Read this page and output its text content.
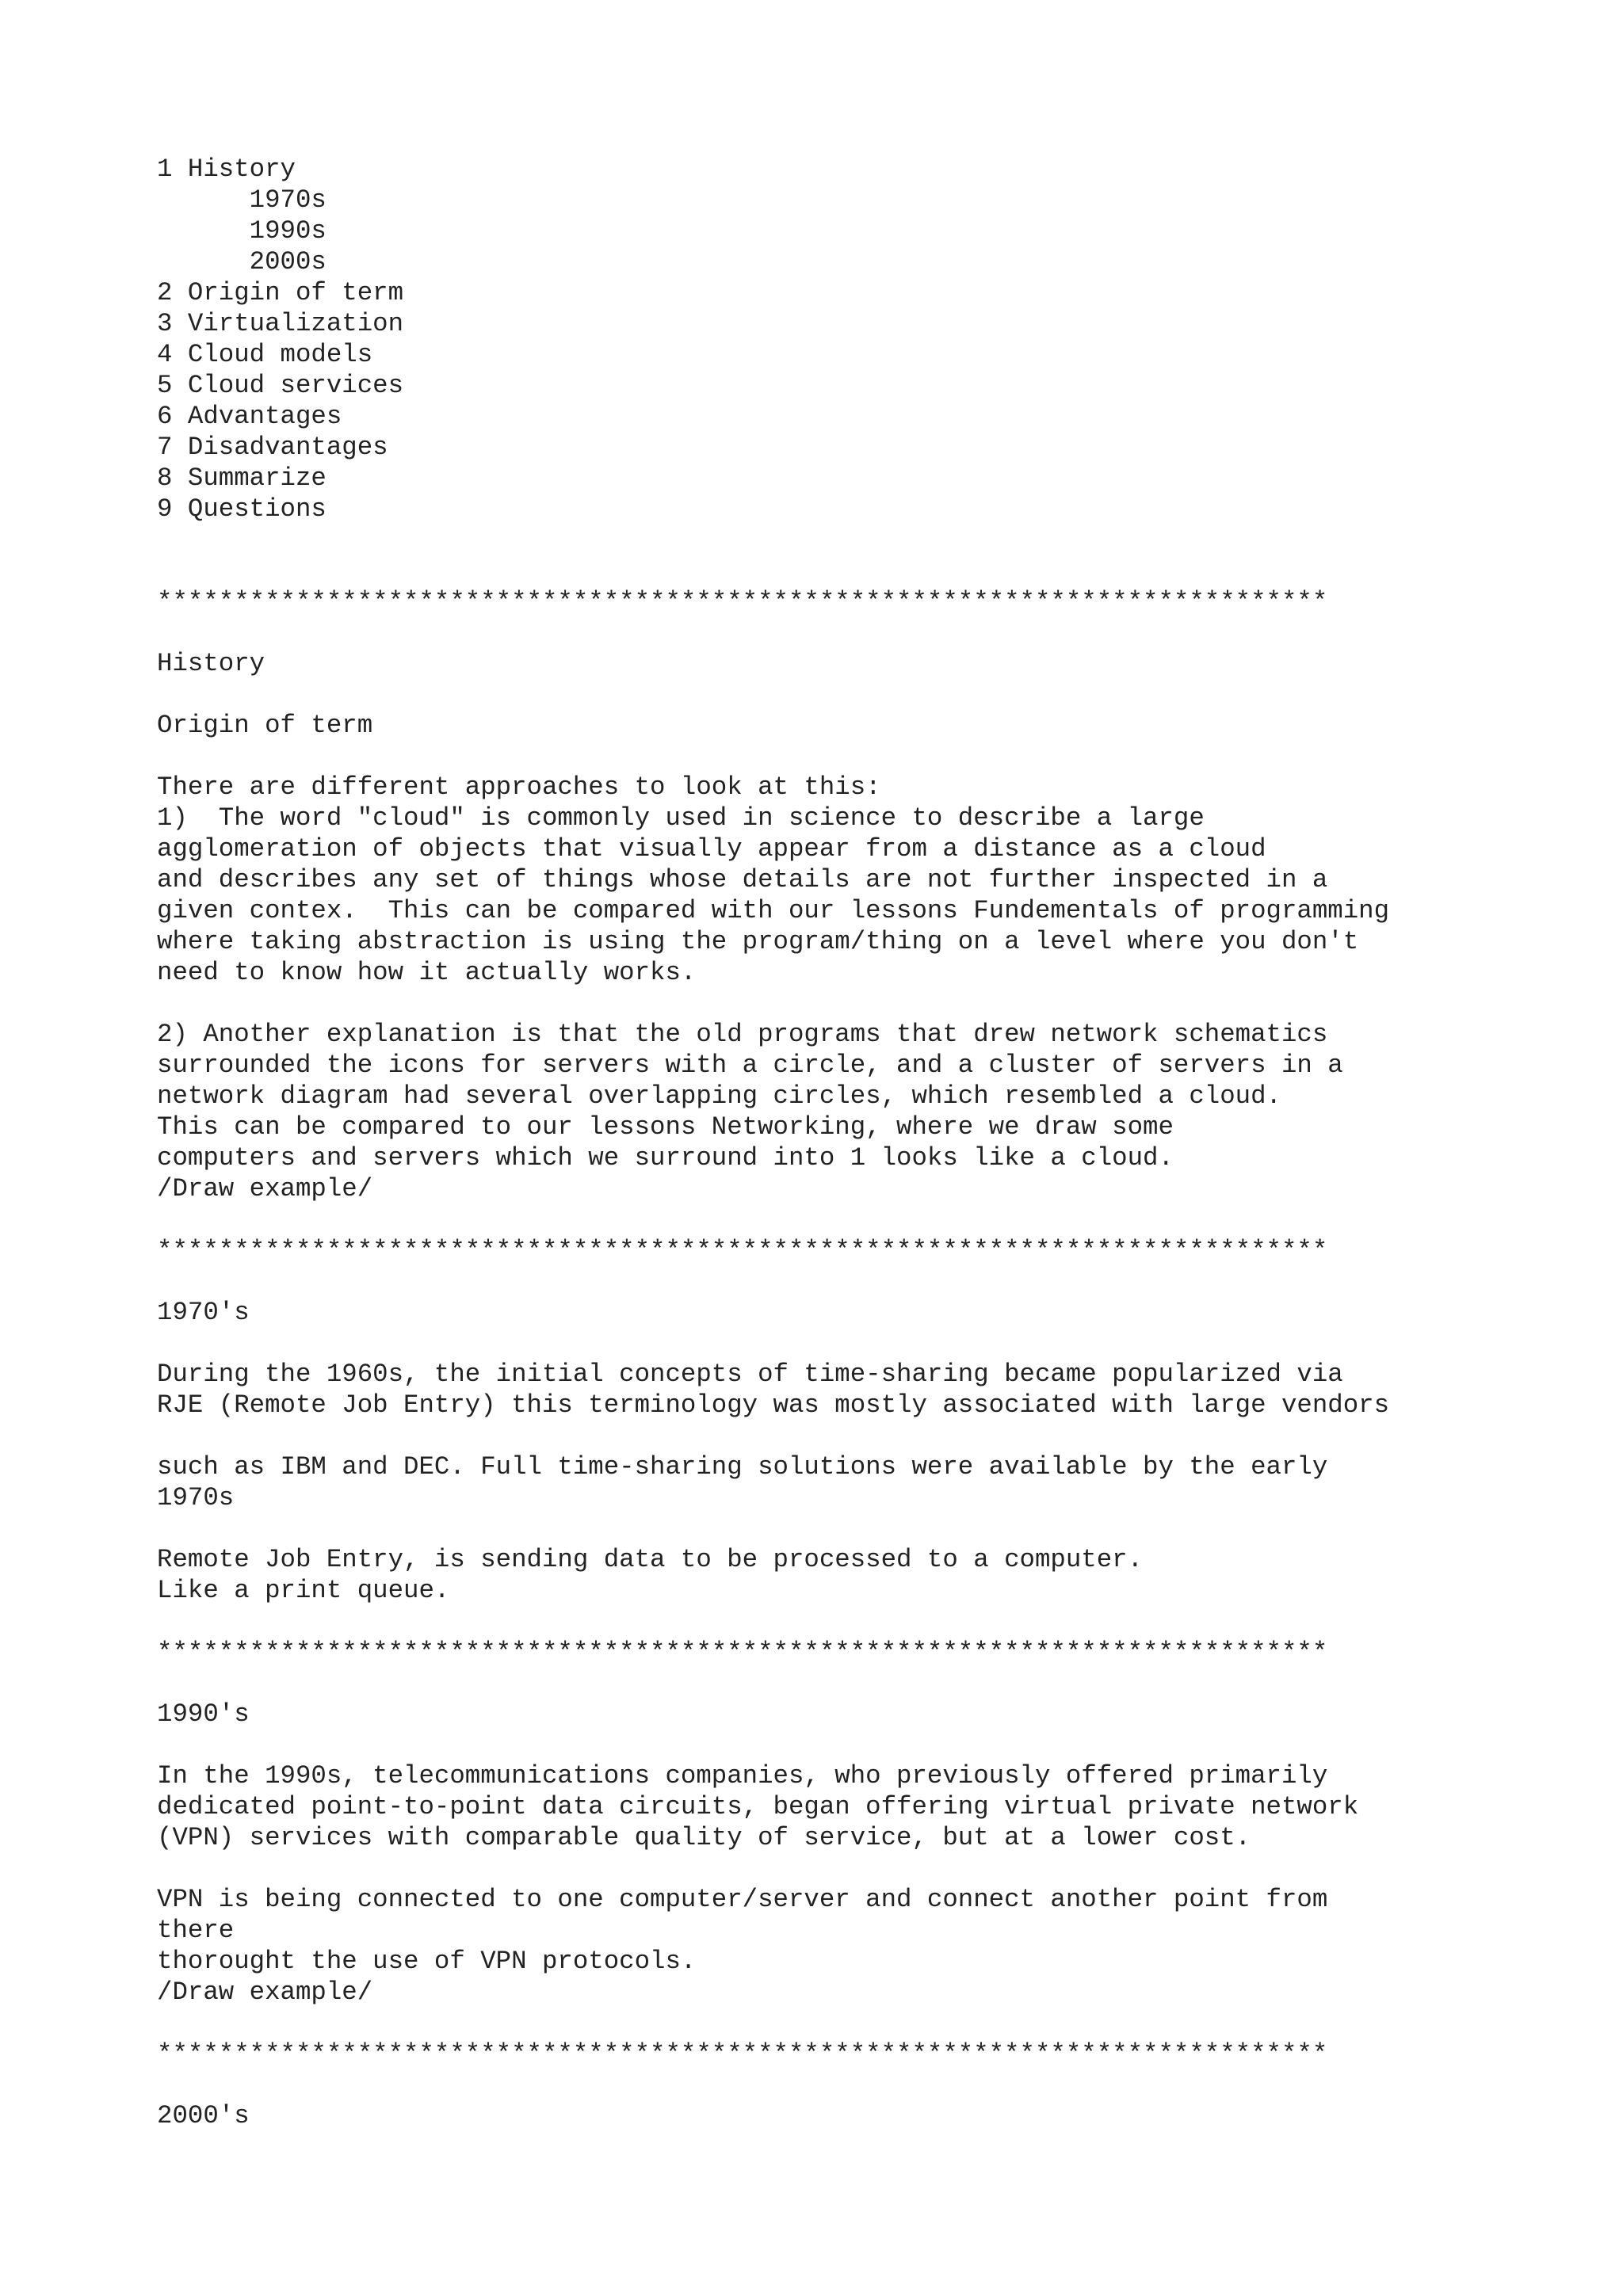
1 History
1970s
1990s
2000s
2 Origin of term
3 Virtualization
4 Cloud models
5 Cloud services
6 Advantages
7 Disadvantages
8 Summarize
9 Questions
****************************************************************************
History
Origin of term
There are different approaches to look at this:
1)  The word "cloud" is commonly used in science to describe a large
agglomeration of objects that visually appear from a distance as a cloud
and describes any set of things whose details are not further inspected in a
given contex.  This can be compared with our lessons Fundementals of programming
where taking abstraction is using the program/thing on a level where you don't
need to know how it actually works.
2) Another explanation is that the old programs that drew network schematics
surrounded the icons for servers with a circle, and a cluster of servers in a
network diagram had several overlapping circles, which resembled a cloud.
This can be compared to our lessons Networking, where we draw some
computers and servers which we surround into 1 looks like a cloud.
/Draw example/
****************************************************************************
1970's
During the 1960s, the initial concepts of time-sharing became popularized via
RJE (Remote Job Entry) this terminology was mostly associated with large vendors
such as IBM and DEC. Full time-sharing solutions were available by the early
1970s
Remote Job Entry, is sending data to be processed to a computer.
Like a print queue.
****************************************************************************
1990's
In the 1990s, telecommunications companies, who previously offered primarily
dedicated point-to-point data circuits, began offering virtual private network
(VPN) services with comparable quality of service, but at a lower cost.
VPN is being connected to one computer/server and connect another point from
there
thorought the use of VPN protocols.
/Draw example/
****************************************************************************
2000's
